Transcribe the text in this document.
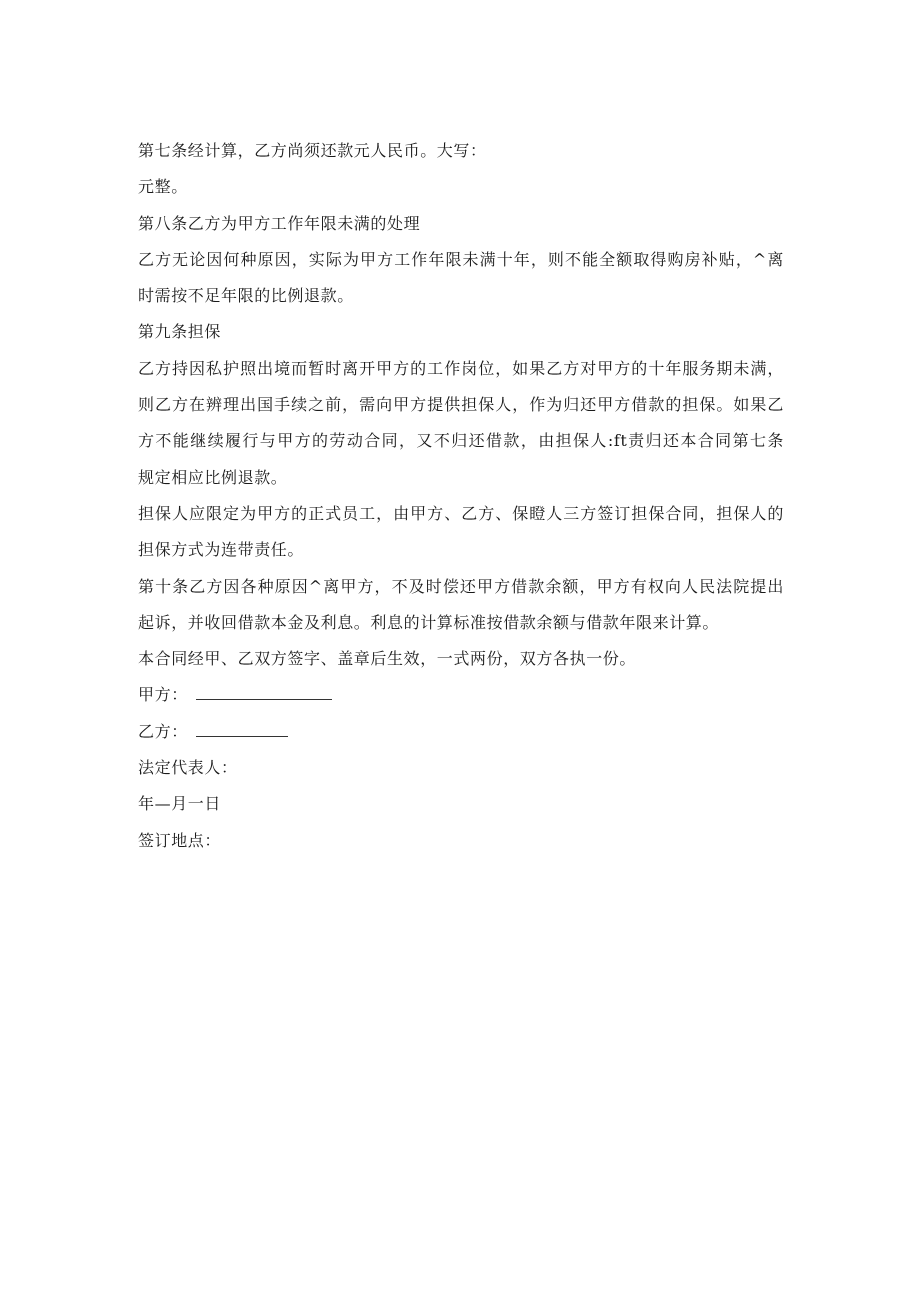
第七条经计算，乙方尚须还款元人民币。大写：
元整。
第八条乙方为甲方工作年限未满的处理
乙方无论因何种原因，实际为甲方工作年限未满十年，则不能全额取得购房补贴，^离
时需按不足年限的比例退款。
第九条担保
乙方持因私护照出境而暂时离开甲方的工作岗位，如果乙方对甲方的十年服务期未满，
则乙方在辨理出国手续之前，需向甲方提供担保人，作为归还甲方借款的担保。如果乙
方不能继续履行与甲方的劳动合同，又不归还借款，由担保人:ft责归还本合同第七条
规定相应比例退款。
担保人应限定为甲方的正式员工，由甲方、乙方、保瞪人三方签订担保合同，担保人的
担保方式为连带责任。
第十条乙方因各种原因^离甲方，不及时偿还甲方借款余额，甲方有权向人民法院提出
起诉，并收回借款本金及利息。利息的计算标准按借款余额与借款年限来计算。
本合同经甲、乙双方签字、盖章后生效，一式两份，双方各执一份。
甲方：
乙方：
法定代表人：
年—月一日
签订地点：
